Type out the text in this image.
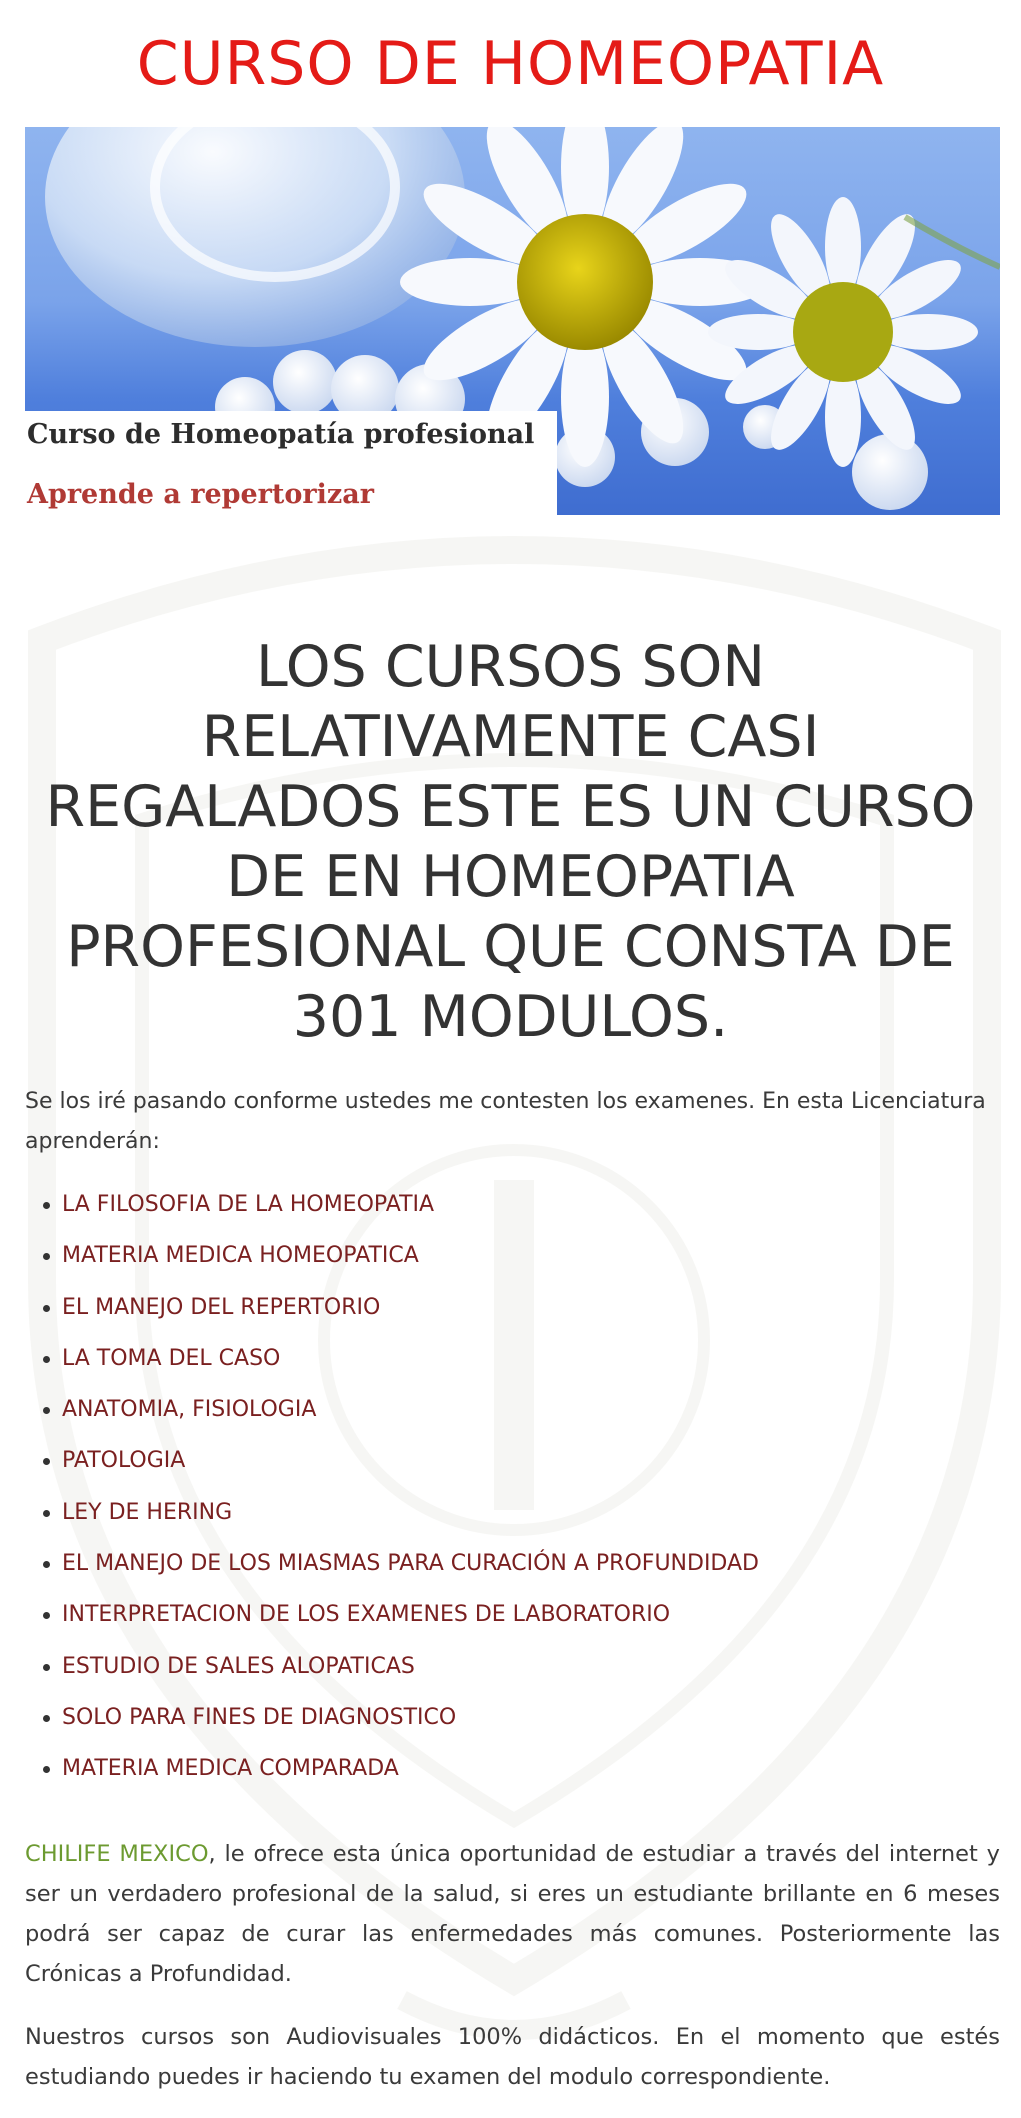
CURSO DE HOMEOPATIA
Curso de Homeopatía profesional
Aprende a repertorizar
LOS CURSOS SON RELATIVAMENTE CASI REGALADOS ESTE ES UN CURSO DE EN HOMEOPATIA PROFESIONAL QUE CONSTA DE 301 MODULOS.

Se los iré pasando conforme ustedes me contesten los examenes. En esta Licenciatura aprenderán:

LA FILOSOFIA DE LA HOMEOPATIA
MATERIA MEDICA HOMEOPATICA
EL MANEJO DEL REPERTORIO
LA TOMA DEL CASO
ANATOMIA, FISIOLOGIA
PATOLOGIA
LEY DE HERING
EL MANEJO DE LOS MIASMAS PARA CURACIÓN A PROFUNDIDAD
INTERPRETACION DE LOS EXAMENES DE LABORATORIO
ESTUDIO DE SALES ALOPATICAS
SOLO PARA FINES DE DIAGNOSTICO
MATERIA MEDICA COMPARADA

CHILIFE MEXICO, le ofrece esta única oportunidad de estudiar a través del internet y ser un verdadero profesional de la salud, si eres un estudiante brillante en 6 meses podrá ser capaz de curar las enfermedades más comunes. Posteriormente las Crónicas a Profundidad.

Nuestros cursos son Audiovisuales 100% didácticos. En el momento que estés estudiando puedes ir haciendo tu examen del modulo correspondiente.
